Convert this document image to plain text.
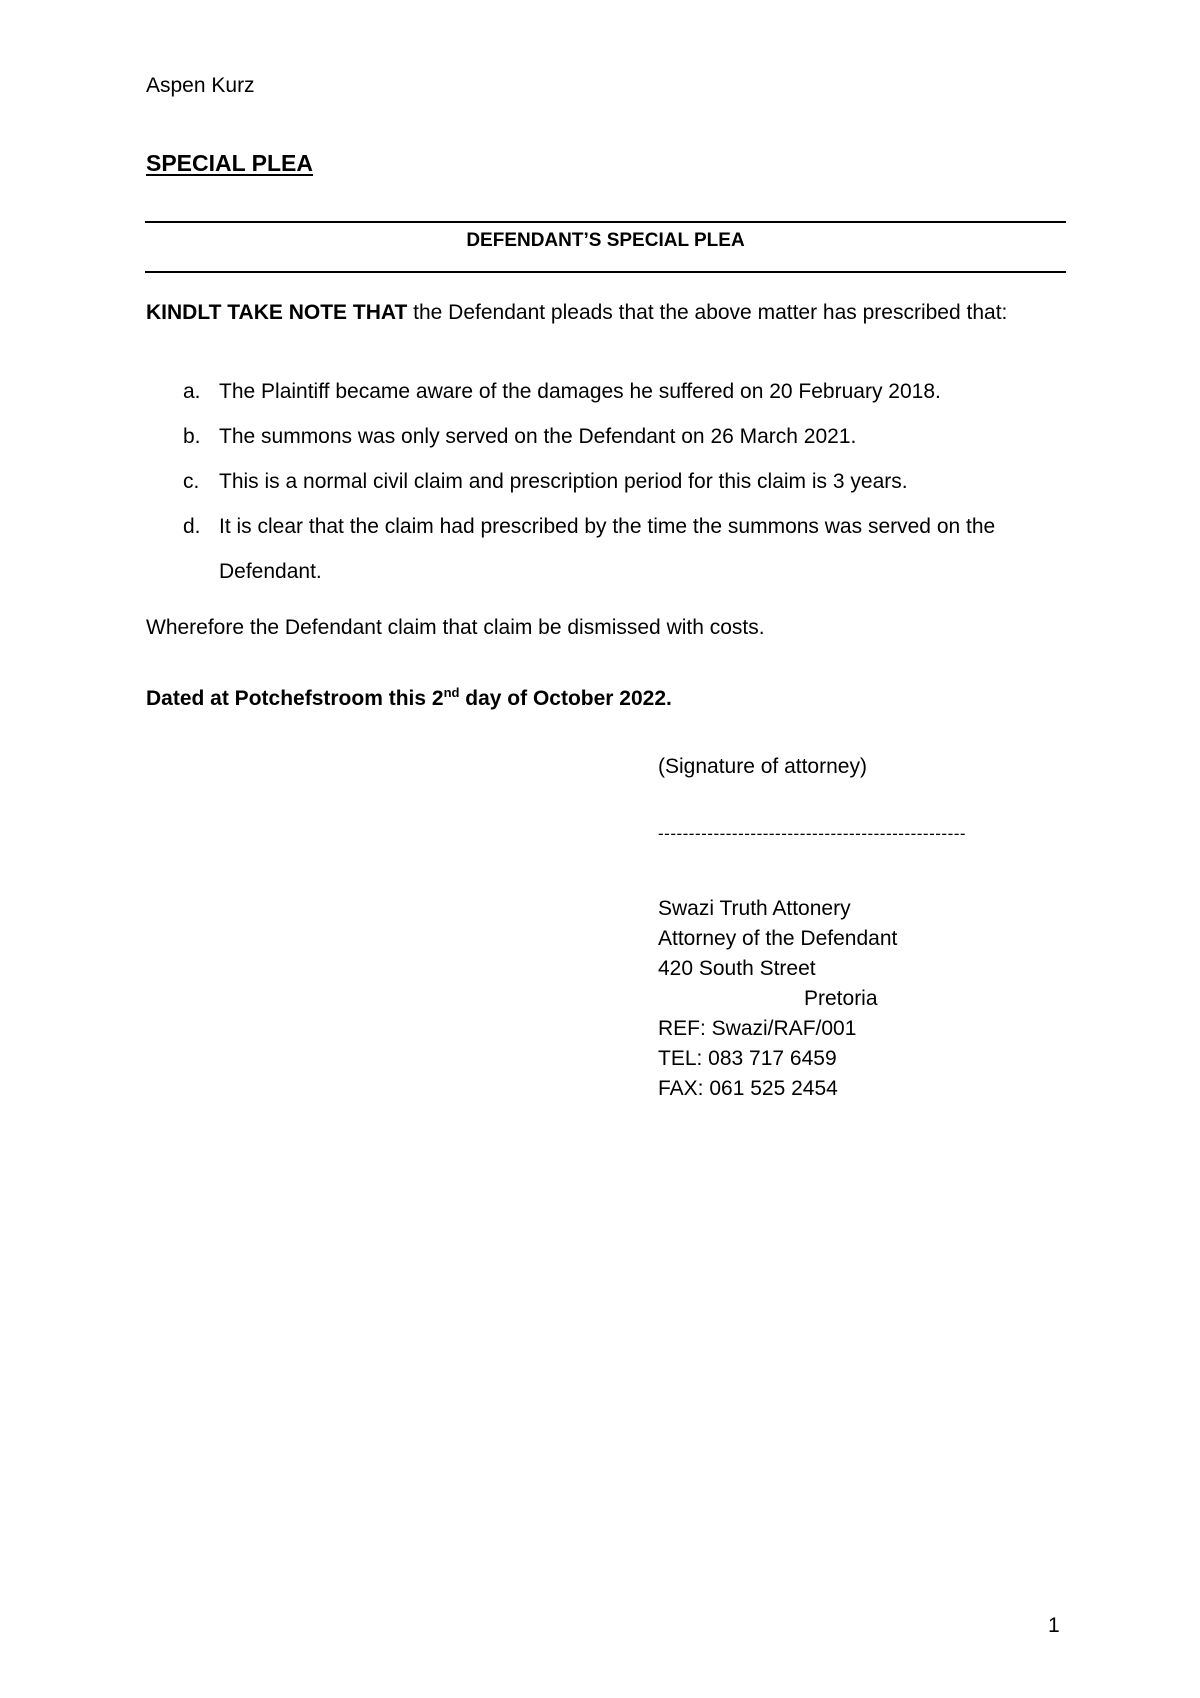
Aspen Kurz
SPECIAL PLEA
DEFENDANT’S SPECIAL PLEA
KINDLT TAKE NOTE THAT the Defendant pleads that the above matter has prescribed that:
a. The Plaintiff became aware of the damages he suffered on 20 February 2018.
b. The summons was only served on the Defendant on 26 March 2021.
c. This is a normal civil claim and prescription period for this claim is 3 years.
d. It is clear that the claim had prescribed by the time the summons was served on the Defendant.
Wherefore the Defendant claim that claim be dismissed with costs.
Dated at Potchefstroom this 2nd day of October 2022.
(Signature of attorney)
--------------------------------------------------
Swazi Truth Attonery
Attorney of the Defendant
420 South Street
Pretoria
REF: Swazi/RAF/001
TEL: 083 717 6459
FAX: 061 525 2454
1
